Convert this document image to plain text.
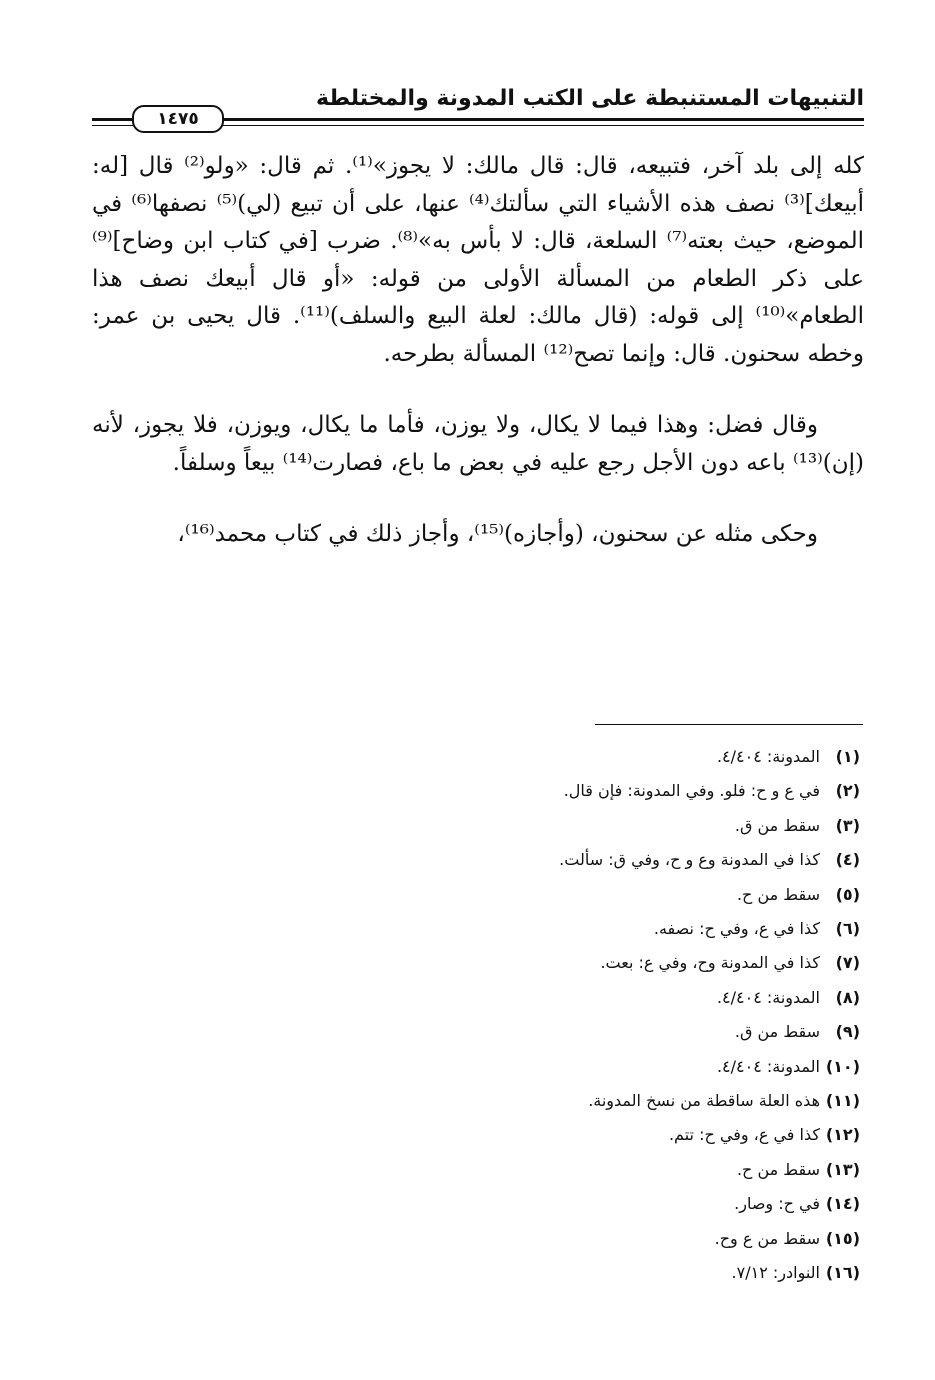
التنبيهات المستنبطة على الكتب المدونة والمختلطة
١٤٧٥

كله إلى بلد آخر، فتبيعه، قال: قال مالك: لا يجوز»⁽¹⁾. ثم قال: «ولو⁽²⁾ قال [له: أبيعك]⁽³⁾ نصف هذه الأشياء التي سألتك⁽⁴⁾ عنها، على أن تبيع (لي)⁽⁵⁾ نصفها⁽⁶⁾ في الموضع، حيث بعته⁽⁷⁾ السلعة، قال: لا بأس به»⁽⁸⁾. ضرب [في كتاب ابن وضاح]⁽⁹⁾ على ذكر الطعام من المسألة الأولى من قوله: «أو قال أبيعك نصف هذا الطعام»⁽¹⁰⁾ إلى قوله: (قال مالك: لعلة البيع والسلف)⁽¹¹⁾. قال يحيى بن عمر: وخطه سحنون. قال: وإنما تصح⁽¹²⁾ المسألة بطرحه.

وقال فضل: وهذا فيما لا يكال، ولا يوزن، فأما ما يكال، ويوزن، فلا يجوز، لأنه (إن)⁽¹³⁾ باعه دون الأجل رجع عليه في بعض ما باع، فصارت⁽¹⁴⁾ بيعاً وسلفاً.

وحكى مثله عن سحنون، (وأجازه)⁽¹⁵⁾، وأجاز ذلك في كتاب محمد⁽¹⁶⁾،

(١)المدونة: ٤/٤٠٤.
(٢)في ع و ح: فلو. وفي المدونة: فإن قال.
(٣)سقط من ق.
(٤)كذا في المدونة وع و ح، وفي ق: سألت.
(٥)سقط من ح.
(٦)كذا في ع، وفي ح: نصفه.
(٧)كذا في المدونة وح، وفي ع: بعت.
(٨)المدونة: ٤/٤٠٤.
(٩)سقط من ق.
(١٠)المدونة: ٤/٤٠٤.
(١١)هذه العلة ساقطة من نسخ المدونة.
(١٢)كذا في ع، وفي ح: تتم.
(١٣)سقط من ح.
(١٤)في ح: وصار.
(١٥)سقط من ع وح.
(١٦)النوادر: ٧/١٢.
